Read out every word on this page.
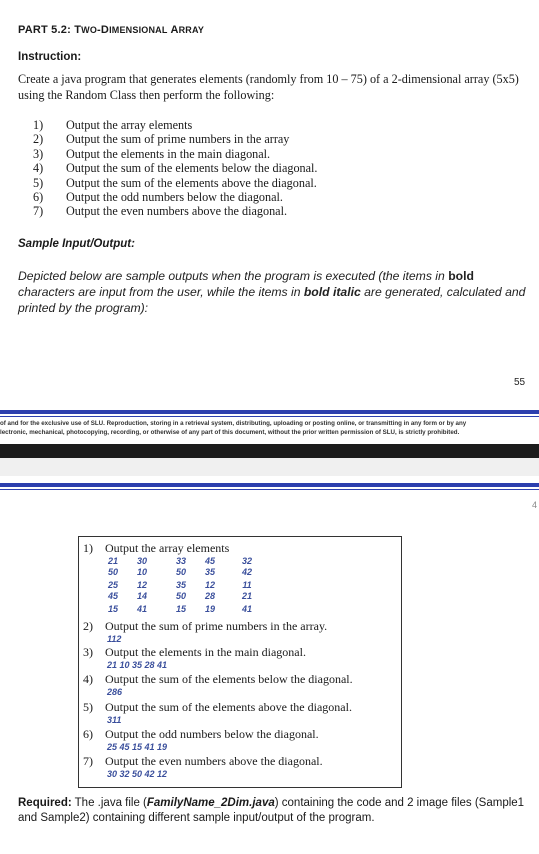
PART 5.2: TWO-DIMENSIONAL ARRAY
Instruction:
Create a java program that generates elements (randomly from 10 – 75) of a 2-dimensional array (5x5) using the Random Class then perform the following:
1) Output the array elements
2) Output the sum of prime numbers in the array
3) Output the elements in the main diagonal.
4) Output the sum of the elements below the diagonal.
5) Output the sum of the elements above the diagonal.
6) Output the odd numbers below the diagonal.
7) Output the even numbers above the diagonal.
Sample Input/Output:
Depicted below are sample outputs when the program is executed (the items in bold characters are input from the user, while the items in bold italic are generated, calculated and printed by the program):
55
of and for the exclusive use of SLU. Reproduction, storing in a retrieval system, distributing, uploading or posting online, or transmitting in any form or by any
lectronic, mechanical, photocopying, recording, or otherwise of any part of this document, without the prior written permission of SLU, is strictly prohibited.
4
1) Output the array elements
21	30	33	45	32
50	10	50	35	42
25	12	35	12	11
45	14	50	28	21
15	41	15	19	41
2) Output the sum of prime numbers in the array.
112
3) Output the elements in the main diagonal.
21 10 35 28 41
4) Output the sum of the elements below the diagonal.
286
5) Output the sum of the elements above the diagonal.
311
6) Output the odd numbers below the diagonal.
25 45 15 41 19
7) Output the even numbers above the diagonal.
30 32 50 42 12
Required: The .java file (FamilyName_2Dim.java) containing the code and 2 image files (Sample1 and Sample2) containing different sample input/output of the program.
